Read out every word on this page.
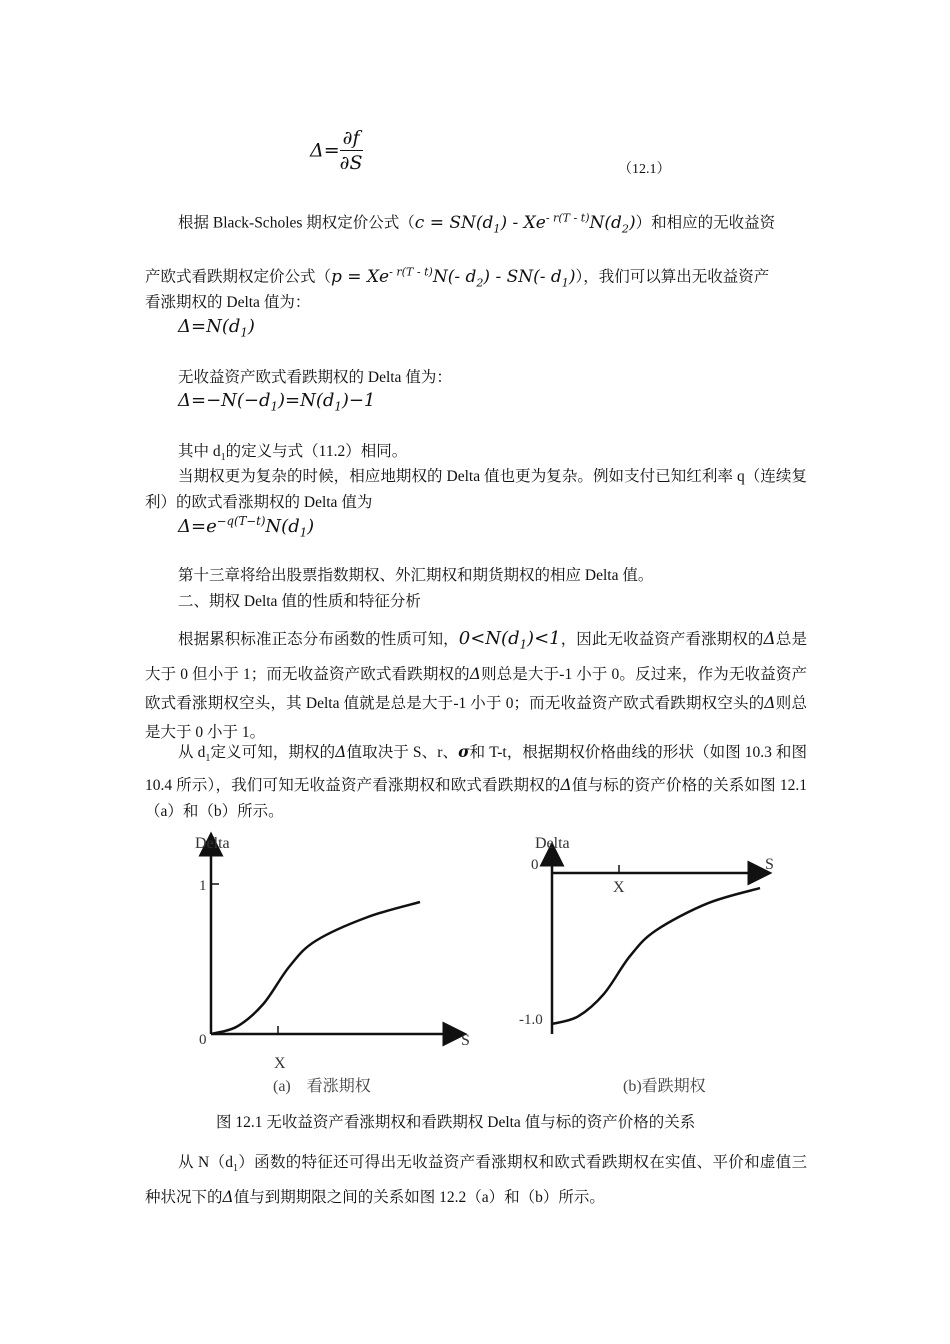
$\Delta= \frac{\partial f}{\partial S}$	（12.1）
根据 Black-Scholes 期权定价公式$(c = SN(d_1) - Xe^{- r(T - t)}N(d_2))$和相应的无收益资
产欧式看跌期权定价公式（$p = Xe^{- r(T - t)}N(-$ $d_2) - SN(-$ $d_1$)），我们可以算出无收益资产
看涨期权的 Delta 值为：
$\Delta=N(d_1)$
无收益资产欧式看跌期权的 Delta 值为：
$\Delta=-N(-d_1)=N(d_1)-1$
其中 $d_1$的定义与式（11.2）相同。
当期权更为复杂的时候，相应地期权的 Delta 值也更为复杂。例如支付已知红利率 q（连续复利）的欧式看涨期权的 Delta 值为
$\Delta=e^{-q(T-t)}N(d_1)$
第十三章将给出股票指数期权、外汇期权和期货期权的相应 Delta 值。
二、期权 Delta 值的性质和特征分析
根据累积标准正态分布函数的性质可知，$0<N(d_1)<1$，因此无收益资产看涨期权的Δ总是大于 0 但小于 1；而无收益资产欧式看跌期权的Δ则总是大于-1 小于 0。反过来，作为无收益资产欧式看涨期权空头，其 Delta 值就是总是大于-1 小于 0；而无收益资产欧式看跌期权空头的Δ则总是大于 0 小于 1。
从 $d_1$定义可知，期权的Δ值取决于 S、r、σ和 T-t，根据期权价格曲线的形状（如图 10.3 和图 10.4 所示），我们可知无收益资产看涨期权和欧式看跌期权的Δ值与标的资产价格的关系如图 12.1（a）和（b）所示。
Delta
1
0	S
X
(a)　看涨期权
Delta
0
-1.0
S
X
(b)看跌期权
图 12.1 无收益资产看涨期权和看跌期权 Delta 值与标的资产价格的关系
从 $N(d_1)$函数的特征还可得出无收益资产看涨期权和欧式看跌期权在实值、平价和虚值三种状况下的Δ值与到期期限之间的关系如图 12.2（a）和（b）所示。
